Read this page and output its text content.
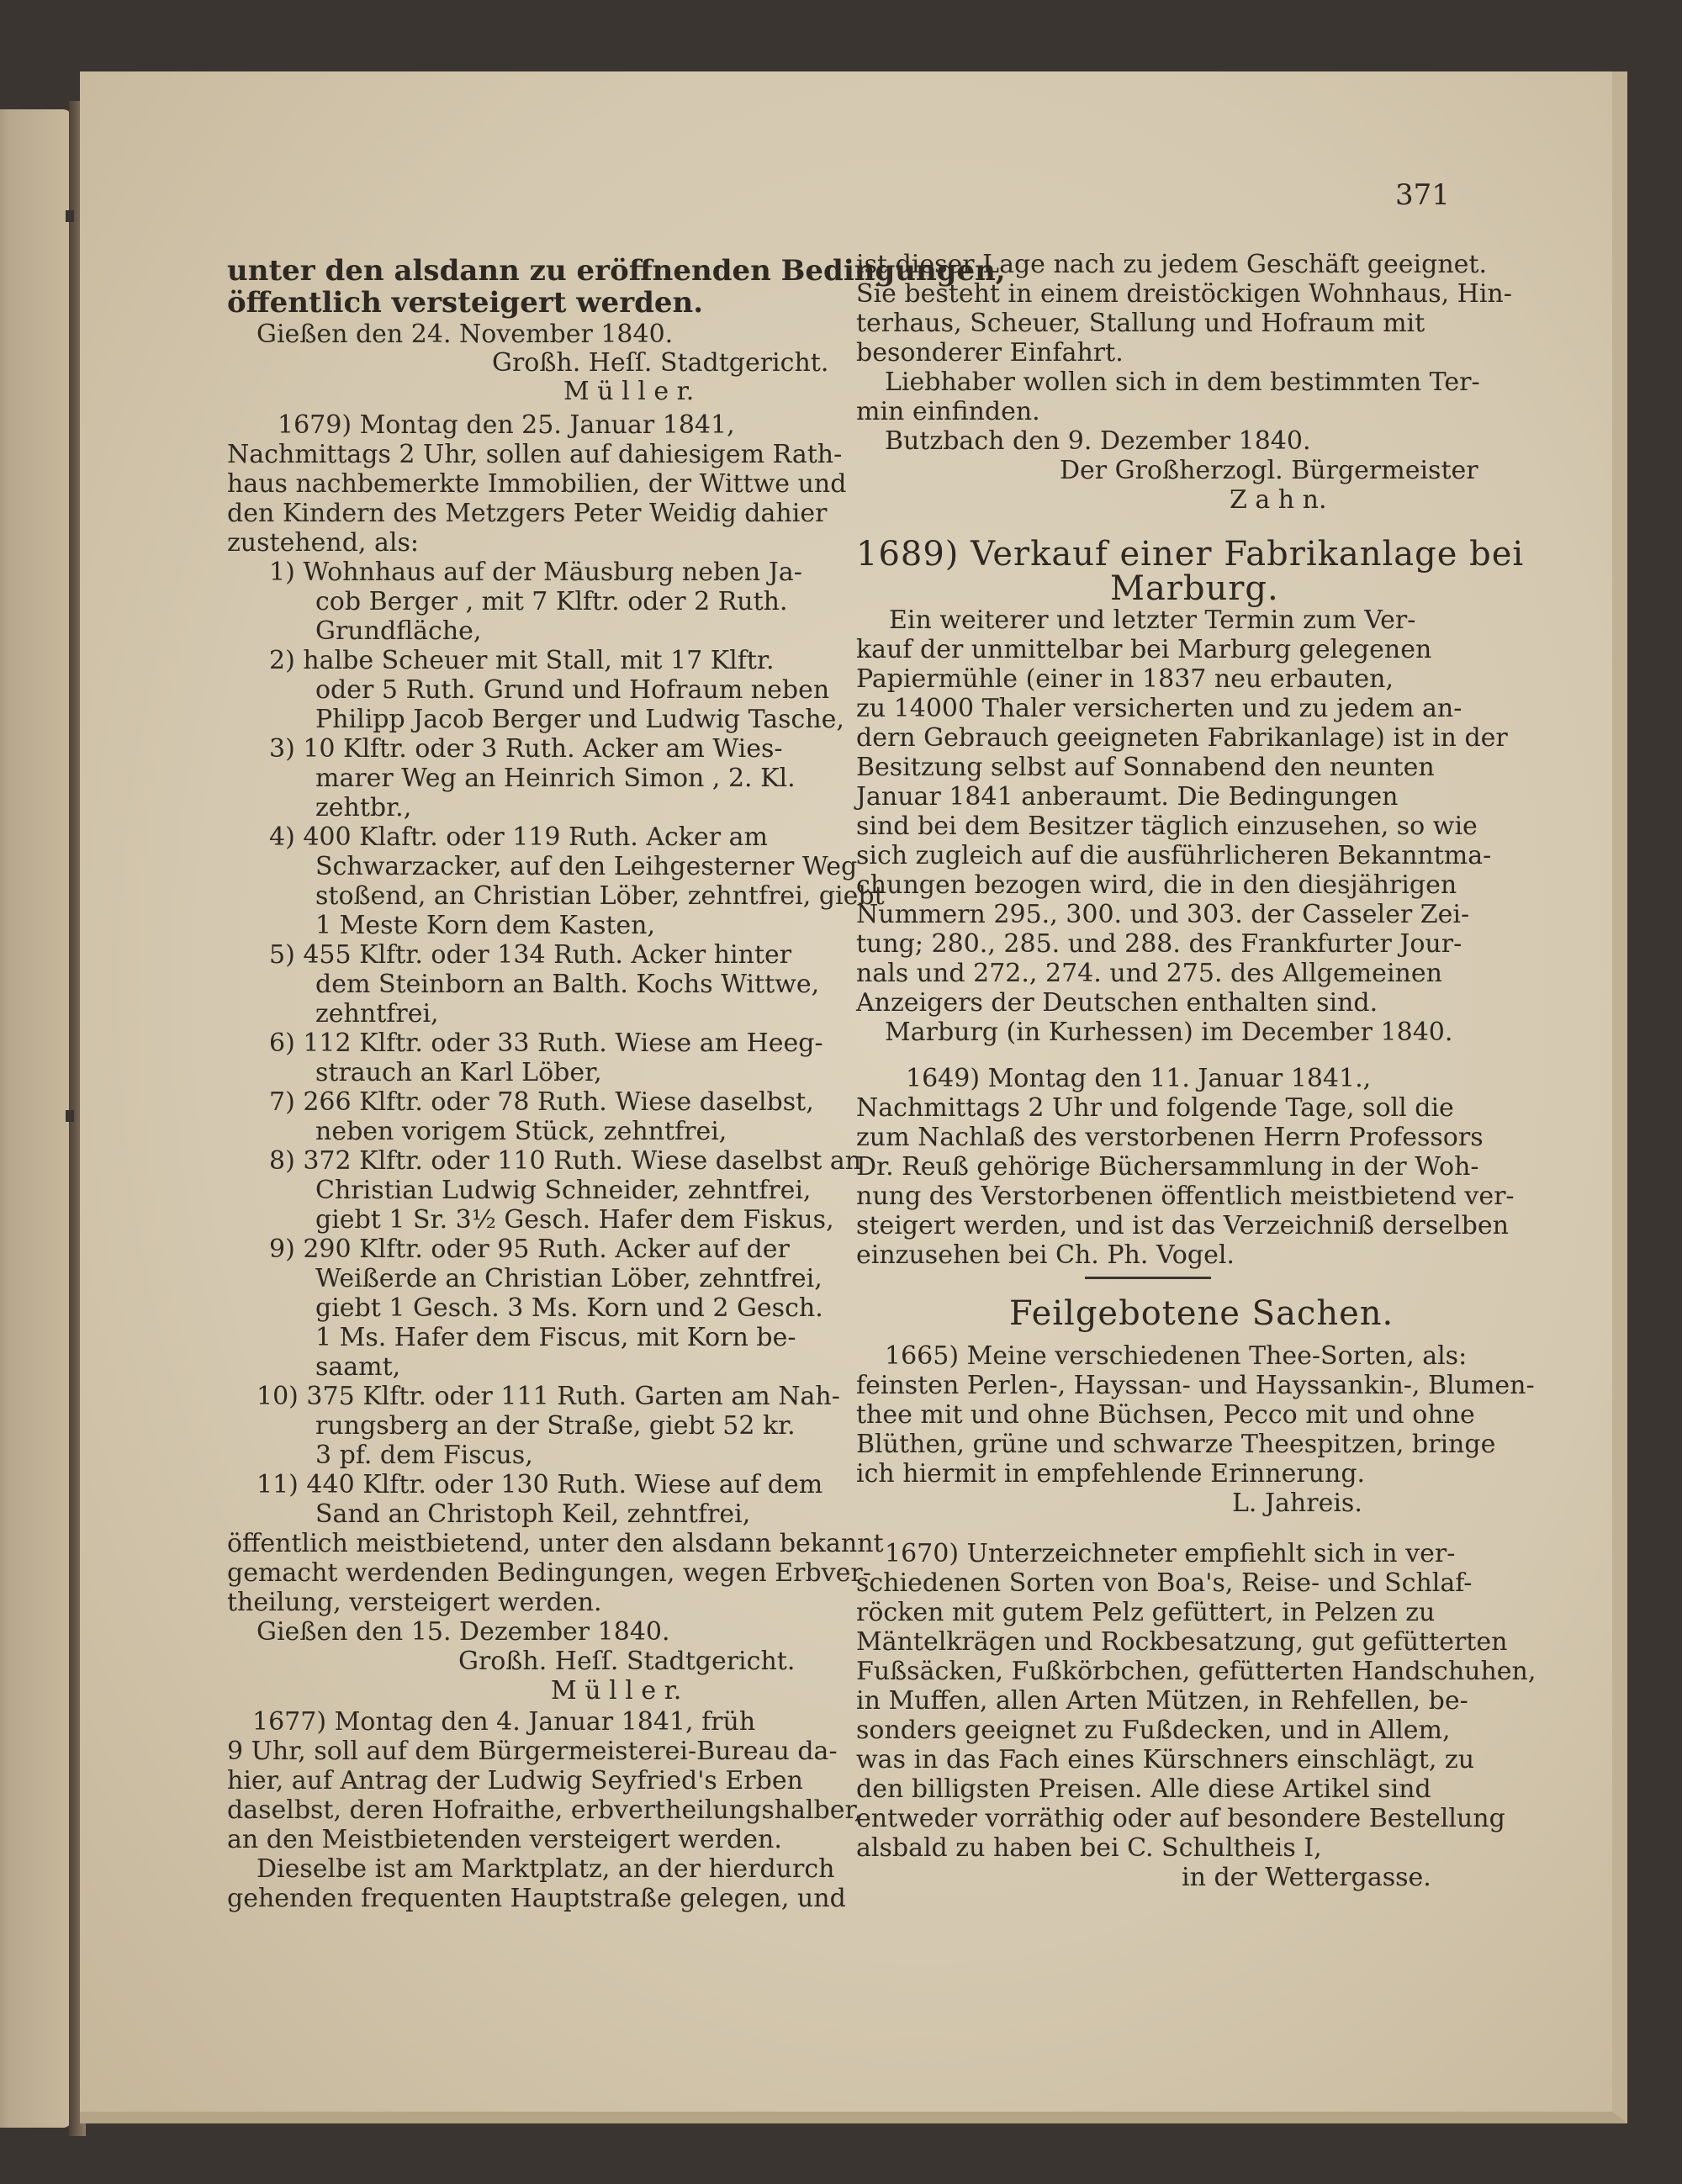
371
unter den alsdann zu eröffnenden Bedingungen,
öffentlich versteigert werden.
Gießen den 24. November 1840.
Großh. Heſſ. Stadtgericht.
M ü l l e r.
1679) Montag den 25. Januar 1841,
Nachmittags 2 Uhr, sollen auf dahiesigem Rath-
haus nachbemerkte Immobilien, der Wittwe und
den Kindern des Metzgers Peter Weidig dahier
zustehend, als:
1) Wohnhaus auf der Mäusburg neben Ja-
cob Berger , mit 7 Klftr. oder 2 Ruth.
Grundfläche,
2) halbe Scheuer mit Stall, mit 17 Klftr.
oder 5 Ruth. Grund und Hofraum neben
Philipp Jacob Berger und Ludwig Tasche,
3) 10 Klftr. oder 3 Ruth. Acker am Wies-
marer Weg an Heinrich Simon , 2. Kl.
zehtbr.,
4) 400 Klaftr. oder 119 Ruth. Acker am
Schwarzacker, auf den Leihgesterner Weg
stoßend, an Christian Löber, zehntfrei, giebt
1 Meste Korn dem Kasten,
5) 455 Klftr. oder 134 Ruth. Acker hinter
dem Steinborn an Balth. Kochs Wittwe,
zehntfrei,
6) 112 Klftr. oder 33 Ruth. Wiese am Heeg-
strauch an Karl Löber,
7) 266 Klftr. oder 78 Ruth. Wiese daselbst,
neben vorigem Stück, zehntfrei,
8) 372 Klftr. oder 110 Ruth. Wiese daselbst an
Christian Ludwig Schneider, zehntfrei,
giebt 1 Sr. 3½ Gesch. Hafer dem Fiskus,
9) 290 Klftr. oder 95 Ruth. Acker auf der
Weißerde an Christian Löber, zehntfrei,
giebt 1 Gesch. 3 Ms. Korn und 2 Gesch.
1 Ms. Hafer dem Fiscus, mit Korn be-
saamt,
10) 375 Klftr. oder 111 Ruth. Garten am Nah-
rungsberg an der Straße, giebt 52 kr.
3 pf. dem Fiscus,
11) 440 Klftr. oder 130 Ruth. Wiese auf dem
Sand an Christoph Keil, zehntfrei,
öffentlich meistbietend, unter den alsdann bekannt
gemacht werdenden Bedingungen, wegen Erbver-
theilung, versteigert werden.
Gießen den 15. Dezember 1840.
Großh. Heſſ. Stadtgericht.
M ü l l e r.
1677) Montag den 4. Januar 1841, früh
9 Uhr, soll auf dem Bürgermeisterei-Bureau da-
hier, auf Antrag der Ludwig Seyfried's Erben
daselbst, deren Hofraithe, erbvertheilungshalber,
an den Meistbietenden versteigert werden.
Dieselbe ist am Marktplatz, an der hierdurch
gehenden frequenten Hauptstraße gelegen, und
ist dieser Lage nach zu jedem Geschäft geeignet.
Sie besteht in einem dreistöckigen Wohnhaus, Hin-
terhaus, Scheuer, Stallung und Hofraum mit
besonderer Einfahrt.
Liebhaber wollen sich in dem bestimmten Ter-
min einfinden.
Butzbach den 9. Dezember 1840.
Der Großherzogl. Bürgermeister
Z a h n.
1689) Verkauf einer Fabrikanlage bei
Marburg.
Ein weiterer und letzter Termin zum Ver-
kauf der unmittelbar bei Marburg gelegenen
Papiermühle (einer in 1837 neu erbauten,
zu 14000 Thaler versicherten und zu jedem an-
dern Gebrauch geeigneten Fabrikanlage) ist in der
Besitzung selbst auf Sonnabend den neunten
Januar 1841 anberaumt. Die Bedingungen
sind bei dem Besitzer täglich einzusehen, so wie
sich zugleich auf die ausführlicheren Bekanntma-
chungen bezogen wird, die in den diesjährigen
Nummern 295., 300. und 303. der Casseler Zei-
tung; 280., 285. und 288. des Frankfurter Jour-
nals und 272., 274. und 275. des Allgemeinen
Anzeigers der Deutschen enthalten sind.
Marburg (in Kurhessen) im December 1840.
1649) Montag den 11. Januar 1841.,
Nachmittags 2 Uhr und folgende Tage, soll die
zum Nachlaß des verstorbenen Herrn Professors
Dr. Reuß gehörige Büchersammlung in der Woh-
nung des Verstorbenen öffentlich meistbietend ver-
steigert werden, und ist das Verzeichniß derselben
einzusehen bei Ch. Ph. Vogel.
Feilgebotene Sachen.
1665) Meine verschiedenen Thee-Sorten, als:
feinsten Perlen-, Hayssan- und Hayssankin-, Blumen-
thee mit und ohne Büchsen, Pecco mit und ohne
Blüthen, grüne und schwarze Theespitzen, bringe
ich hiermit in empfehlende Erinnerung.
L. Jahreis.
1670) Unterzeichneter empfiehlt sich in ver-
schiedenen Sorten von Boa's, Reise- und Schlaf-
röcken mit gutem Pelz gefüttert, in Pelzen zu
Mäntelkrägen und Rockbesatzung, gut gefütterten
Fußsäcken, Fußkörbchen, gefütterten Handschuhen,
in Muffen, allen Arten Mützen, in Rehfellen, be-
sonders geeignet zu Fußdecken, und in Allem,
was in das Fach eines Kürschners einschlägt, zu
den billigsten Preisen. Alle diese Artikel sind
entweder vorräthig oder auf besondere Bestellung
alsbald zu haben bei C. Schultheis I,
in der Wettergasse.
